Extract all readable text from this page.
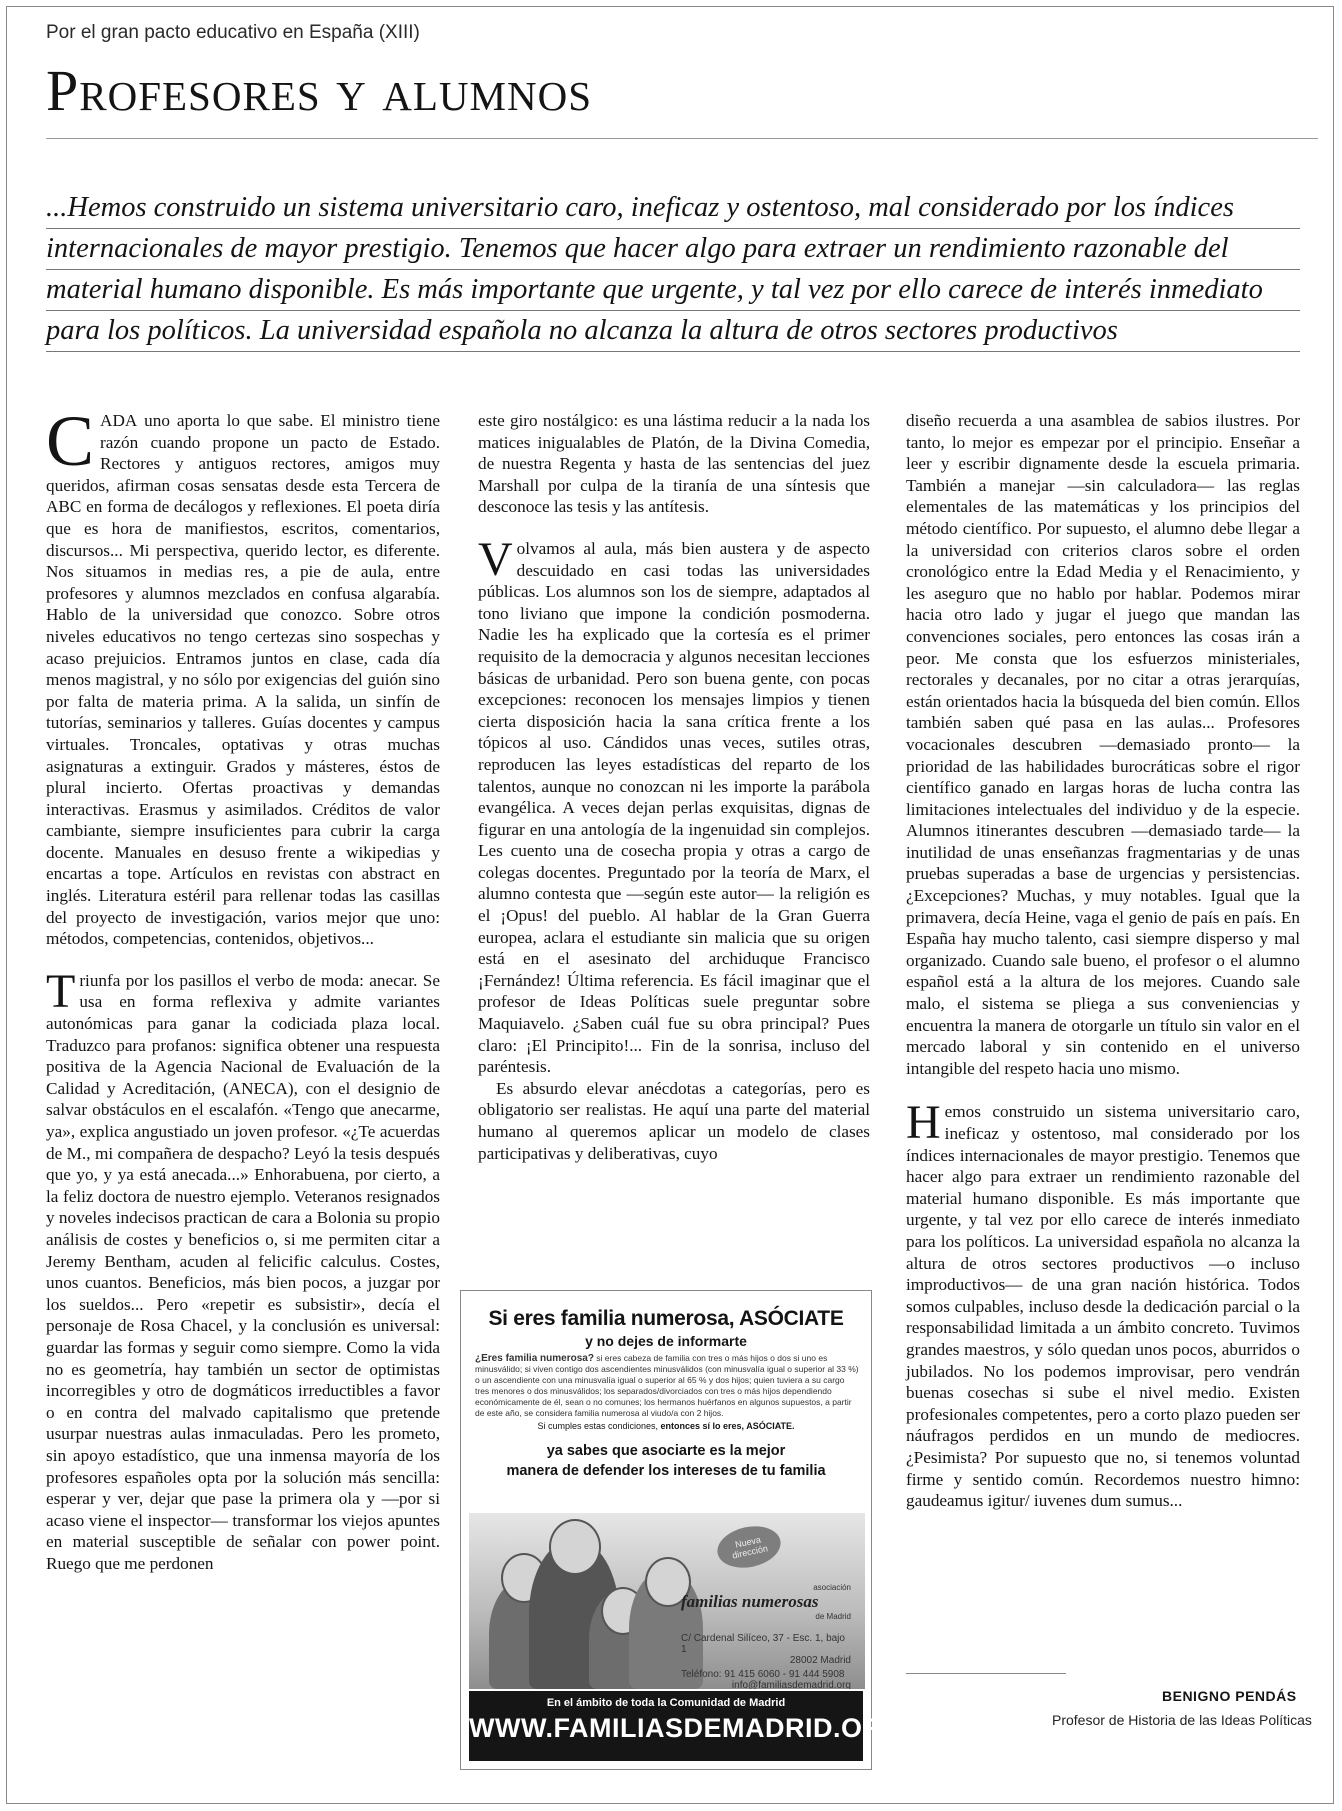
Por el gran pacto educativo en España (XIII)
Profesores y alumnos
...Hemos construido un sistema universitario caro, ineficaz y ostentoso, mal considerado por los índices
internacionales de mayor prestigio. Tenemos que hacer algo para extraer un rendimiento razonable del
material humano disponible. Es más importante que urgente, y tal vez por ello carece de interés inmediato
para los políticos. La universidad española no alcanza la altura de otros sectores productivos

CADA uno aporta lo que sabe. El ministro tiene razón cuando propone un pacto de Estado. Rectores y antiguos rectores, amigos muy queridos, afirman cosas sensatas desde esta Tercera de ABC en forma de decálogos y reflexiones. El poeta diría que es hora de manifiestos, escritos, comentarios, discursos... Mi perspectiva, querido lector, es diferente. Nos situamos in medias res, a pie de aula, entre profesores y alumnos mezclados en confusa algarabía. Hablo de la universidad que conozco. Sobre otros niveles educativos no tengo certezas sino sospechas y acaso prejuicios. Entramos juntos en clase, cada día menos magistral, y no sólo por exigencias del guión sino por falta de materia prima. A la salida, un sinfín de tutorías, seminarios y talleres. Guías docentes y campus virtuales. Troncales, optativas y otras muchas asignaturas a extinguir. Grados y másteres, éstos de plural incierto. Ofertas proactivas y demandas interactivas. Erasmus y asimilados. Créditos de valor cambiante, siempre insuficientes para cubrir la carga docente. Manuales en desuso frente a wikipedias y encartas a tope. Artículos en revistas con abstract en inglés. Literatura estéril para rellenar todas las casillas del proyecto de investigación, varios mejor que uno: métodos, competencias, contenidos, objetivos...

Triunfa por los pasillos el verbo de moda: anecar. Se usa en forma reflexiva y admite variantes autonómicas para ganar la codiciada plaza local. Traduzco para profanos: significa obtener una respuesta positiva de la Agencia Nacional de Evaluación de la Calidad y Acreditación, (ANECA), con el designio de salvar obstáculos en el escalafón. «Tengo que anecarme, ya», explica angustiado un joven profesor. «¿Te acuerdas de M., mi compañera de despacho? Leyó la tesis después que yo, y ya está anecada...» Enhorabuena, por cierto, a la feliz doctora de nuestro ejemplo. Veteranos resignados y noveles indecisos practican de cara a Bolonia su propio análisis de costes y beneficios o, si me permiten citar a Jeremy Bentham, acuden al felicific calculus. Costes, unos cuantos. Beneficios, más bien pocos, a juzgar por los sueldos... Pero «repetir es subsistir», decía el personaje de Rosa Chacel, y la conclusión es universal: guardar las formas y seguir como siempre. Como la vida no es geometría, hay también un sector de optimistas incorregibles y otro de dogmáticos irreductibles a favor o en contra del malvado capitalismo que pretende usurpar nuestras aulas inmaculadas. Pero les prometo, sin apoyo estadístico, que una inmensa mayoría de los profesores españoles opta por la solución más sencilla: esperar y ver, dejar que pase la primera ola y —por si acaso viene el inspector— transformar los viejos apuntes en material susceptible de señalar con power point. Ruego que me perdonen

este giro nostálgico: es una lástima reducir a la nada los matices inigualables de Platón, de la Divina Comedia, de nuestra Regenta y hasta de las sentencias del juez Marshall por culpa de la tiranía de una síntesis que desconoce las tesis y las antítesis.

Volvamos al aula, más bien austera y de aspecto descuidado en casi todas las universidades públicas. Los alumnos son los de siempre, adaptados al tono liviano que impone la condición posmoderna. Nadie les ha explicado que la cortesía es el primer requisito de la democracia y algunos necesitan lecciones básicas de urbanidad. Pero son buena gente, con pocas excepciones: reconocen los mensajes limpios y tienen cierta disposición hacia la sana crítica frente a los tópicos al uso. Cándidos unas veces, sutiles otras, reproducen las leyes estadísticas del reparto de los talentos, aunque no conozcan ni les importe la parábola evangélica. A veces dejan perlas exquisitas, dignas de figurar en una antología de la ingenuidad sin complejos. Les cuento una de cosecha propia y otras a cargo de colegas docentes. Preguntado por la teoría de Marx, el alumno contesta que —según este autor— la religión es el ¡Opus! del pueblo. Al hablar de la Gran Guerra europea, aclara el estudiante sin malicia que su origen está en el asesinato del archiduque Francisco ¡Fernández! Última referencia. Es fácil imaginar que el profesor de Ideas Políticas suele preguntar sobre Maquiavelo. ¿Saben cuál fue su obra principal? Pues claro: ¡El Principito!... Fin de la sonrisa, incluso del paréntesis.

Es absurdo elevar anécdotas a categorías, pero es obligatorio ser realistas. He aquí una parte del material humano al queremos aplicar un modelo de clases participativas y deliberativas, cuyo

diseño recuerda a una asamblea de sabios ilustres. Por tanto, lo mejor es empezar por el principio. Enseñar a leer y escribir dignamente desde la escuela primaria. También a manejar —sin calculadora— las reglas elementales de las matemáticas y los principios del método científico. Por supuesto, el alumno debe llegar a la universidad con criterios claros sobre el orden cronológico entre la Edad Media y el Renacimiento, y les aseguro que no hablo por hablar. Podemos mirar hacia otro lado y jugar el juego que mandan las convenciones sociales, pero entonces las cosas irán a peor. Me consta que los esfuerzos ministeriales, rectorales y decanales, por no citar a otras jerarquías, están orientados hacia la búsqueda del bien común. Ellos también saben qué pasa en las aulas... Profesores vocacionales descubren —demasiado pronto— la prioridad de las habilidades burocráticas sobre el rigor científico ganado en largas horas de lucha contra las limitaciones intelectuales del individuo y de la especie. Alumnos itinerantes descubren —demasiado tarde— la inutilidad de unas enseñanzas fragmentarias y de unas pruebas superadas a base de urgencias y persistencias. ¿Excepciones? Muchas, y muy notables. Igual que la primavera, decía Heine, vaga el genio de país en país. En España hay mucho talento, casi siempre disperso y mal organizado. Cuando sale bueno, el profesor o el alumno español está a la altura de los mejores. Cuando sale malo, el sistema se pliega a sus conveniencias y encuentra la manera de otorgarle un título sin valor en el mercado laboral y sin contenido en el universo intangible del respeto hacia uno mismo.

Hemos construido un sistema universitario caro, ineficaz y ostentoso, mal considerado por los índices internacionales de mayor prestigio. Tenemos que hacer algo para extraer un rendimiento razonable del material humano disponible. Es más importante que urgente, y tal vez por ello carece de interés inmediato para los políticos. La universidad española no alcanza la altura de otros sectores productivos —o incluso improductivos— de una gran nación histórica. Todos somos culpables, incluso desde la dedicación parcial o la responsabilidad limitada a un ámbito concreto. Tuvimos grandes maestros, y sólo quedan unos pocos, aburridos o jubilados. No los podemos improvisar, pero vendrán buenas cosechas si sube el nivel medio. Existen profesionales competentes, pero a corto plazo pueden ser náufragos perdidos en un mundo de mediocres. ¿Pesimista? Por supuesto que no, si tenemos voluntad firme y sentido común. Recordemos nuestro himno: gaudeamus igitur/ iuvenes dum sumus...

Si eres familia numerosa, ASÓCIATE
y no dejes de informarte
¿Eres familia numerosa? si eres cabeza de familia con tres o más hijos o dos si uno es minusválido; si viven contigo dos ascendientes minusválidos (con minusvalía igual o superior al 33 %) o un ascendiente con una minusvalía igual o superior al 65 % y dos hijos; quien tuviera a su cargo tres menores o dos minusválidos; los separados/divorciados con tres o más hijos dependiendo económicamente de él, sean o no comunes; los hermanos huérfanos en algunos supuestos, a partir de este año, se considera familia numerosa al viudo/a con 2 hijos.
Si cumples estas condiciones, entonces sí lo eres, ASÓCIATE.
ya sabes que asociarte es la mejor
manera de defender los intereses de tu familia
Nueva dirección
asociación
familias numerosas
de Madrid
C/ Cardenal Silíceo, 37 - Esc. 1, bajo 1
28002 Madrid
Teléfono: 91 415 6060 - 91 444 5908
info@familiasdemadrid.org
En el ámbito de toda la Comunidad de Madrid
WWW.FAMILIASDEMADRID.ORG
BENIGNO PENDÁS
Profesor de Historia de las Ideas Políticas
